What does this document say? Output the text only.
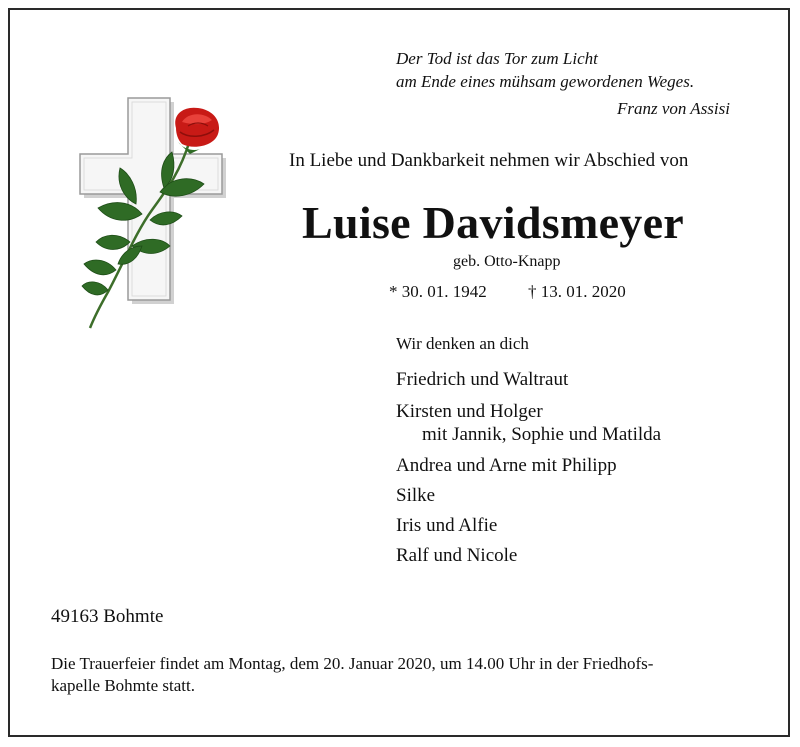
Der Tod ist das Tor zum Licht
am Ende eines mühsam gewordenen Weges.
Franz von Assisi
In Liebe und Dankbarkeit nehmen wir Abschied von
Luise Davidsmeyer
geb. Otto-Knapp
* 30. 01. 1942 † 13. 01. 2020
Wir denken an dich
Friedrich und Waltraut
Kirsten und Holger
mit Jannik, Sophie und Matilda
Andrea und Arne mit Philipp
Silke
Iris und Alfie
Ralf und Nicole
49163 Bohmte
Die Trauerfeier findet am Montag, dem 20. Januar 2020, um 14.00 Uhr in der Friedhofs-
kapelle Bohmte statt.
